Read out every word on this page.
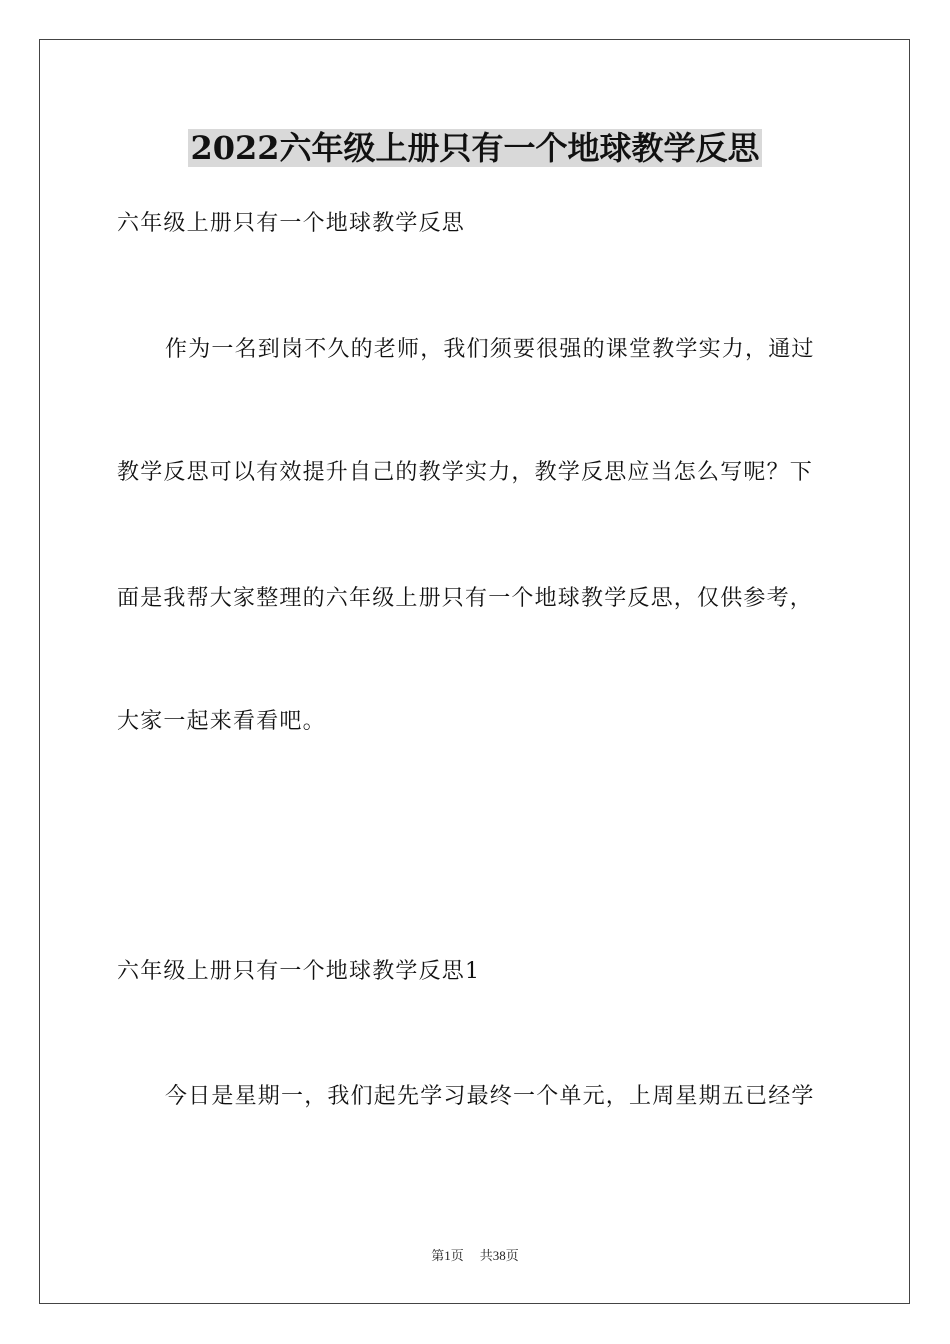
2022六年级上册只有一个地球教学反思
六年级上册只有一个地球教学反思
作为一名到岗不久的老师，我们须要很强的课堂教学实力，通过
教学反思可以有效提升自己的教学实力，教学反思应当怎么写呢？下
面是我帮大家整理的六年级上册只有一个地球教学反思，仅供参考，
大家一起来看看吧。
六年级上册只有一个地球教学反思1
今日是星期一，我们起先学习最终一个单元，上周星期五已经学
第1页 共38页
